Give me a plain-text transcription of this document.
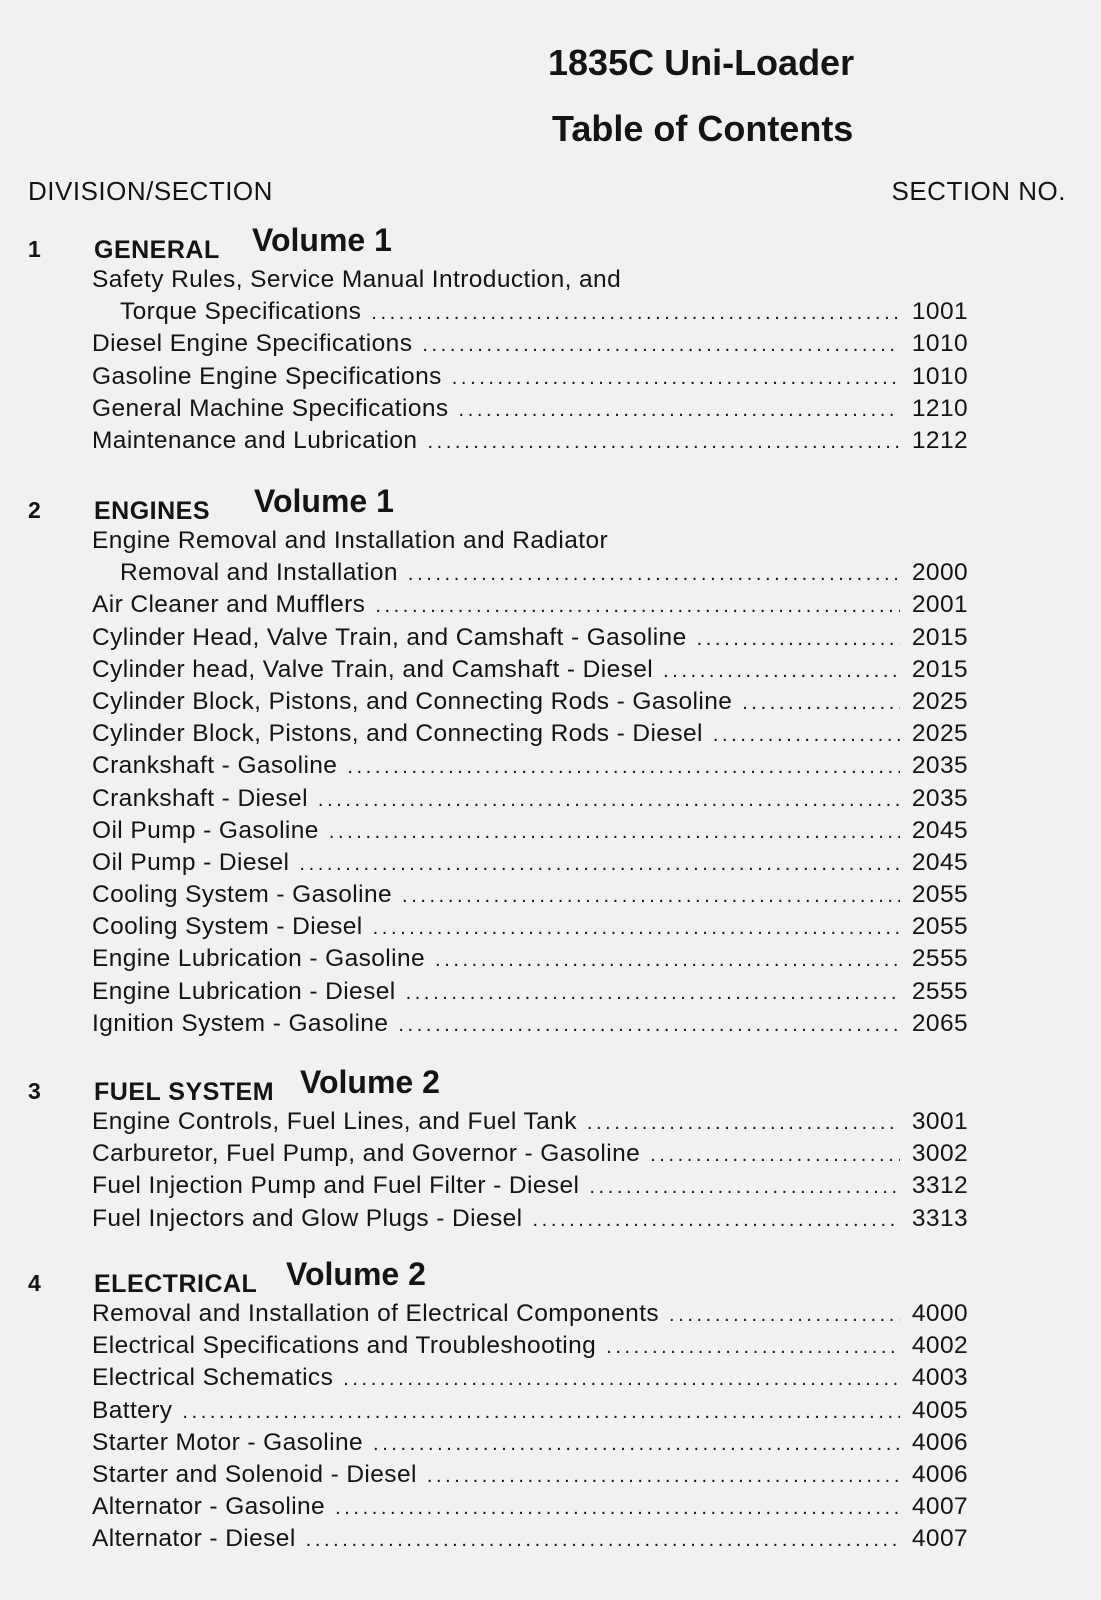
1835C Uni-Loader
Table of Contents
DIVISION/SECTION	SECTION NO.
1 GENERAL Volume 1
Safety Rules, Service Manual Introduction, and
Torque Specifications .....	1001
Diesel Engine Specifications .....	1010
Gasoline Engine Specifications .....	1010
General Machine Specifications .....	1210
Maintenance and Lubrication .....	1212
2 ENGINES Volume 1
Engine Removal and Installation and Radiator
Removal and Installation .....	2000
Air Cleaner and Mufflers .....	2001
Cylinder Head, Valve Train, and Camshaft - Gasoline .....	2015
Cylinder head, Valve Train, and Camshaft - Diesel .....	2015
Cylinder Block, Pistons, and Connecting Rods - Gasoline .....	2025
Cylinder Block, Pistons, and Connecting Rods - Diesel .....	2025
Crankshaft - Gasoline .....	2035
Crankshaft - Diesel .....	2035
Oil Pump - Gasoline .....	2045
Oil Pump - Diesel .....	2045
Cooling System - Gasoline .....	2055
Cooling System - Diesel .....	2055
Engine Lubrication - Gasoline .....	2555
Engine Lubrication - Diesel .....	2555
Ignition System - Gasoline .....	2065
3 FUEL SYSTEM Volume 2
Engine Controls, Fuel Lines, and Fuel Tank .....	3001
Carburetor, Fuel Pump, and Governor - Gasoline .....	3002
Fuel Injection Pump and Fuel Filter - Diesel .....	3312
Fuel Injectors and Glow Plugs - Diesel .....	3313
4 ELECTRICAL Volume 2
Removal and Installation of Electrical Components .....	4000
Electrical Specifications and Troubleshooting .....	4002
Electrical Schematics .....	4003
Battery .....	4005
Starter Motor - Gasoline .....	4006
Starter and Solenoid - Diesel .....	4006
Alternator - Gasoline .....	4007
Alternator - Diesel .....	4007
